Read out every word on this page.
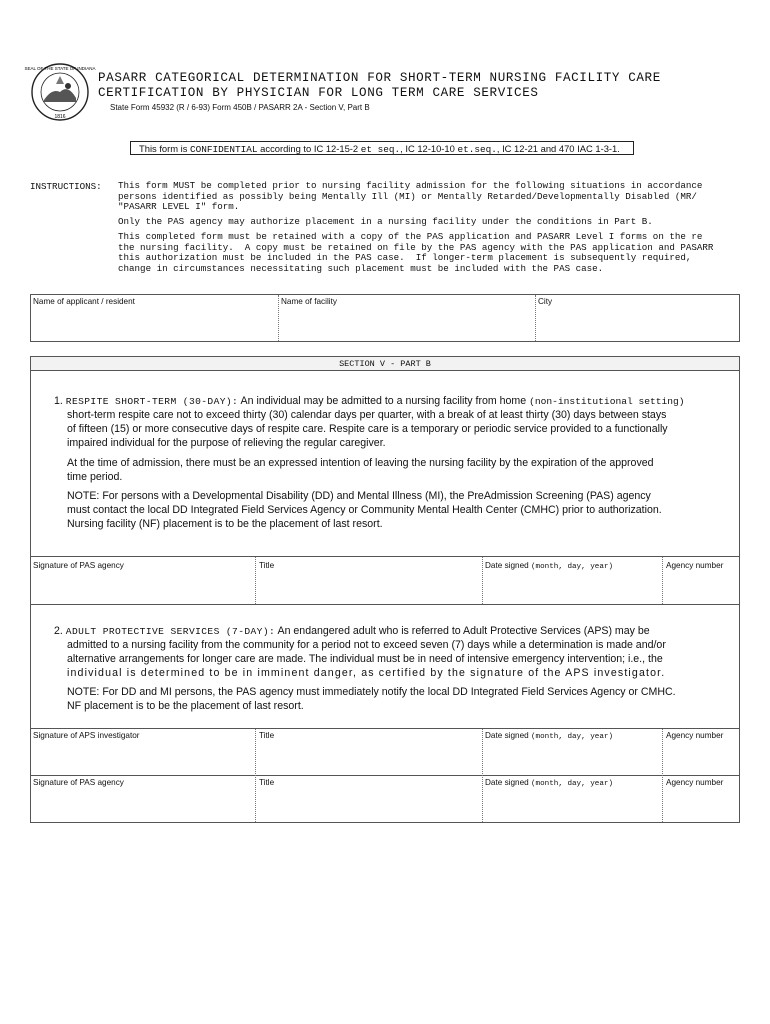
SEAL OF THE STATE OF INDIANA
1816
PASARR CATEGORICAL DETERMINATION FOR SHORT-TERM NURSING FACILITY CARE
CERTIFICATION BY PHYSICIAN FOR LONG TERM CARE SERVICES
State Form 45932 (R / 6-93) Form 450B / PASARR 2A - Section V, Part B
This form is CONFIDENTIAL according to IC 12-15-2 et seq., IC 12-10-10 et.seq., IC 12-21 and 470 IAC 1-3-1.
INSTRUCTIONS: This form MUST be completed prior to nursing facility admission for the following situations in accordance
persons identified as possibly being Mentally Ill (MI) or Mentally Retarded/Developmentally Disabled (MR/
"PASARR LEVEL I" form.
Only the PAS agency may authorize placement in a nursing facility under the conditions in Part B.
This completed form must be retained with a copy of the PAS application and PASARR Level I forms on the re
the nursing facility.  A copy must be retained on file by the PAS agency with the PAS application and PASARR
this authorization must be included in the PAS case.  If longer-term placement is subsequently required,
change in circumstances necessitating such placement must be included with the PAS case.
Name of applicant / resident	Name of facility	City
SECTION V - PART B
1. RESPITE SHORT-TERM (30-DAY): An individual may be admitted to a nursing facility from home (non-institutional setting)
short-term respite care not to exceed thirty (30) calendar days per quarter, with a break of at least thirty (30) days between stays
of fifteen (15) or more consecutive days of respite care. Respite care is a temporary or periodic service provided to a functionally
impaired individual for the purpose of relieving the regular caregiver.
At the time of admission, there must be an expressed intention of leaving the nursing facility by the expiration of the approved
time period.
NOTE: For persons with a Developmental Disability (DD) and Mental Illness (MI), the PreAdmission Screening (PAS) agency
must contact the local DD Integrated Field Services Agency or Community Mental Health Center (CMHC) prior to authorization.
Nursing facility (NF) placement is to be the placement of last resort.
Signature of PAS agency	Title	Date signed (month, day, year)	Agency number
2. ADULT PROTECTIVE SERVICES (7-DAY): An endangered adult who is referred to Adult Protective Services (APS) may be
admitted to a nursing facility from the community for a period not to exceed seven (7) days while a determination is made and/or
alternative arrangements for longer care are made. The individual must be in need of intensive emergency intervention; i.e., the
individual is determined to be in imminent danger, as certified by the signature of the APS investigator.
NOTE: For DD and MI persons, the PAS agency must immediately notify the local DD Integrated Field Services Agency or CMHC.
NF placement is to be the placement of last resort.
Signature of APS investigator	Title	Date signed (month, day, year)	Agency number
Signature of PAS agency	Title	Date signed (month, day, year)	Agency number
